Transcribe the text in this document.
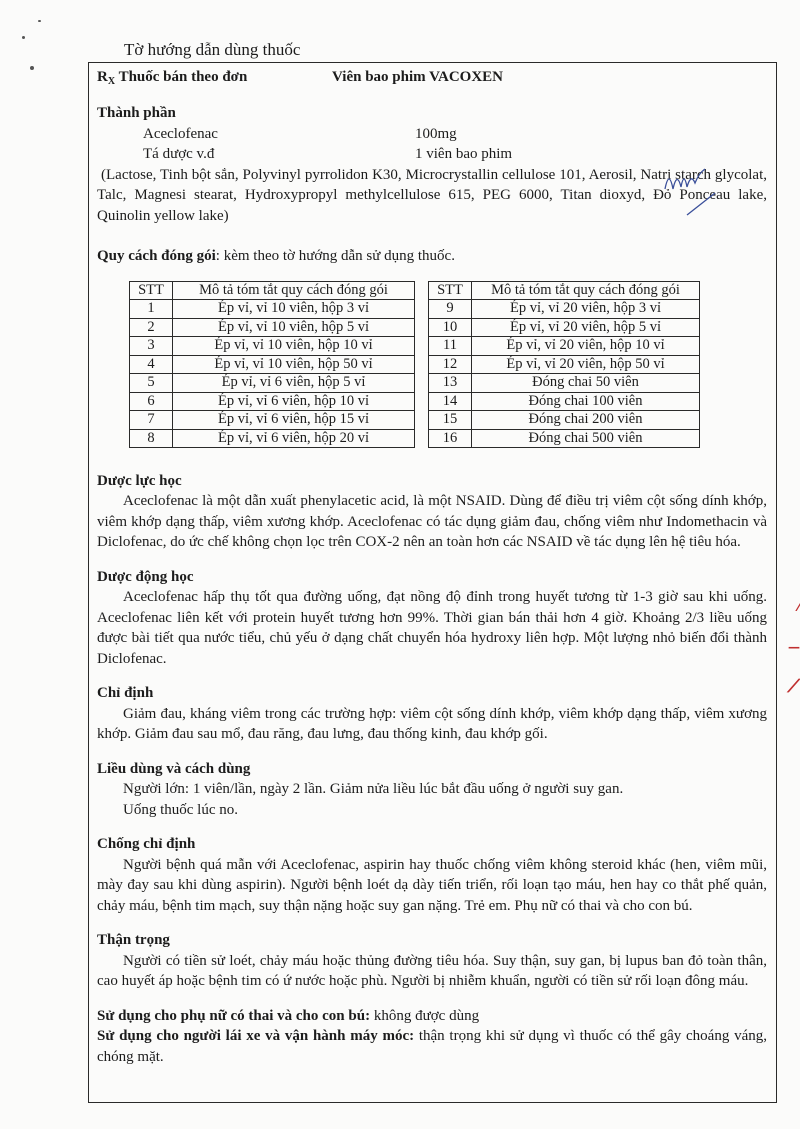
Tờ hướng dẫn dùng thuốc
⁄
—
⟋
$R_X$ Thuốc bán theo đơn	Viên bao phim VACOXEN

Thành phần

Aceclofenac	100mg
Tá dược v.đ	1 viên bao phim
(Lactose, Tinh bột sắn, Polyvinyl pyrrolidon K30, Microcrystallin cellulose 101, Aerosil, Natri starch glycolat, Talc, Magnesi stearat, Hydroxypropyl methylcellulose 615, PEG 6000, Titan dioxyd, Đỏ Ponceau lake, Quinolin yellow lake)
Quy cách đóng gói: kèm theo tờ hướng dẫn sử dụng thuốc.
STT	Mô tả tóm tắt quy cách đóng gói
1	Ép vỉ, vỉ 10 viên, hộp 3 vỉ
2	Ép vỉ, vỉ 10 viên, hộp 5 vỉ
3	Ép vỉ, vỉ 10 viên, hộp 10 vỉ
4	Ép vỉ, vỉ 10 viên, hộp 50 vỉ
5	Ép vỉ, vỉ 6 viên, hộp 5 vỉ
6	Ép vỉ, vỉ 6 viên, hộp 10 vỉ
7	Ép vỉ, vỉ 6 viên, hộp 15 vỉ
8	Ép vỉ, vỉ 6 viên, hộp 20 vỉ
STT	Mô tả tóm tắt quy cách đóng gói
9	Ép vỉ, vỉ 20 viên, hộp 3 vỉ
10	Ép vỉ, vỉ 20 viên, hộp 5 vỉ
11	Ép vỉ, vỉ 20 viên, hộp 10 vỉ
12	Ép vỉ, vỉ 20 viên, hộp 50 vỉ
13	Đóng chai 50 viên
14	Đóng chai 100 viên
15	Đóng chai 200 viên
16	Đóng chai 500 viên

Dược lực học

Aceclofenac là một dẫn xuất phenylacetic acid, là một NSAID. Dùng để điều trị viêm cột sống dính khớp, viêm khớp dạng thấp, viêm xương khớp. Aceclofenac có tác dụng giảm đau, chống viêm như Indomethacin và Diclofenac, do ức chế không chọn lọc trên COX-2 nên an toàn hơn các NSAID về tác dụng lên hệ tiêu hóa.

Dược động học

Aceclofenac hấp thụ tốt qua đường uống, đạt nồng độ đỉnh trong huyết tương từ 1-3 giờ sau khi uống. Aceclofenac liên kết với protein huyết tương hơn 99%. Thời gian bán thải hơn 4 giờ. Khoảng 2/3 liều uống được bài tiết qua nước tiểu, chủ yếu ở dạng chất chuyển hóa hydroxy liên hợp. Một lượng nhỏ biến đổi thành Diclofenac.

Chỉ định

Giảm đau, kháng viêm trong các trường hợp: viêm cột sống dính khớp, viêm khớp dạng thấp, viêm xương khớp. Giảm đau sau mổ, đau răng, đau lưng, đau thống kinh, đau khớp gối.

Liều dùng và cách dùng

Người lớn: 1 viên/lần, ngày 2 lần. Giảm nửa liều lúc bắt đầu uống ở người suy gan.
Uống thuốc lúc no.

Chống chỉ định

Người bệnh quá mẫn với Aceclofenac, aspirin hay thuốc chống viêm không steroid khác (hen, viêm mũi, mày đay sau khi dùng aspirin). Người bệnh loét dạ dày tiến triển, rối loạn tạo máu, hen hay co thắt phế quản, chảy máu, bệnh tim mạch, suy thận nặng hoặc suy gan nặng. Trẻ em. Phụ nữ có thai và cho con bú.

Thận trọng

Người có tiền sử loét, chảy máu hoặc thủng đường tiêu hóa. Suy thận, suy gan, bị lupus ban đỏ toàn thân, cao huyết áp hoặc bệnh tim có ứ nước hoặc phù. Người bị nhiễm khuẩn, người có tiền sử rối loạn đông máu.
Sử dụng cho phụ nữ có thai và cho con bú: không được dùng
Sử dụng cho người lái xe và vận hành máy móc: thận trọng khi sử dụng vì thuốc có thể gây choáng váng, chóng mặt.
